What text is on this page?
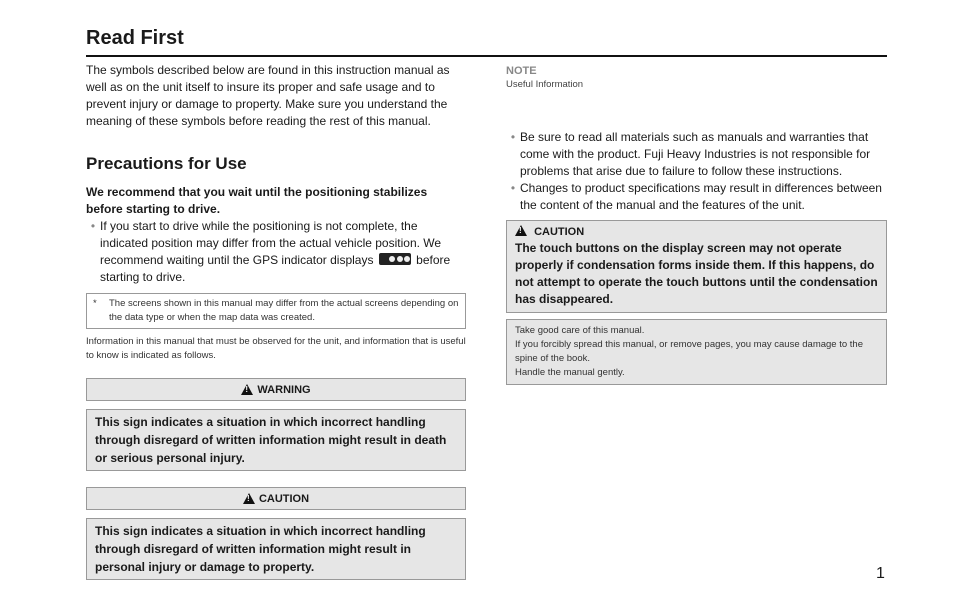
Read First

The symbols described below are found in this instruction manual as well as on the unit itself to insure its proper and safe usage and to prevent injury or damage to property. Make sure you understand the meaning of these symbols before reading the rest of this manual.

Precautions for Use

We recommend that you wait until the positioning stabilizes before starting to drive.

• If you start to drive while the positioning is not complete, the indicated position may differ from the actual vehicle position. We recommend waiting until the GPS indicator displays	before starting to drive.
*	The screens shown in this manual may differ from the actual screens depending on the data type or when the map data was created.

Information in this manual that must be observed for the unit, and information that is useful to know is indicated as follows.

!
WARNING
This sign indicates a situation in which incorrect handling through disregard of written information might result in death or serious personal injury.
!
CAUTION
This sign indicates a situation in which incorrect handling through disregard of written information might result in personal injury or damage to property.
NOTE
Useful Information
• Be sure to read all materials such as manuals and warranties that come with the product. Fuji Heavy Industries is not responsible for problems that arise due to failure to follow these instructions.
• Changes to product specifications may result in differences between the content of the manual and the features of the unit.
! CAUTION
The touch buttons on the display screen may not operate properly if condensation forms inside them. If this happens, do not attempt to operate the touch buttons until the condensation has disappeared.
Take good care of this manual.
If you forcibly spread this manual, or remove pages, you may cause damage to the spine of the book.
Handle the manual gently.
1
